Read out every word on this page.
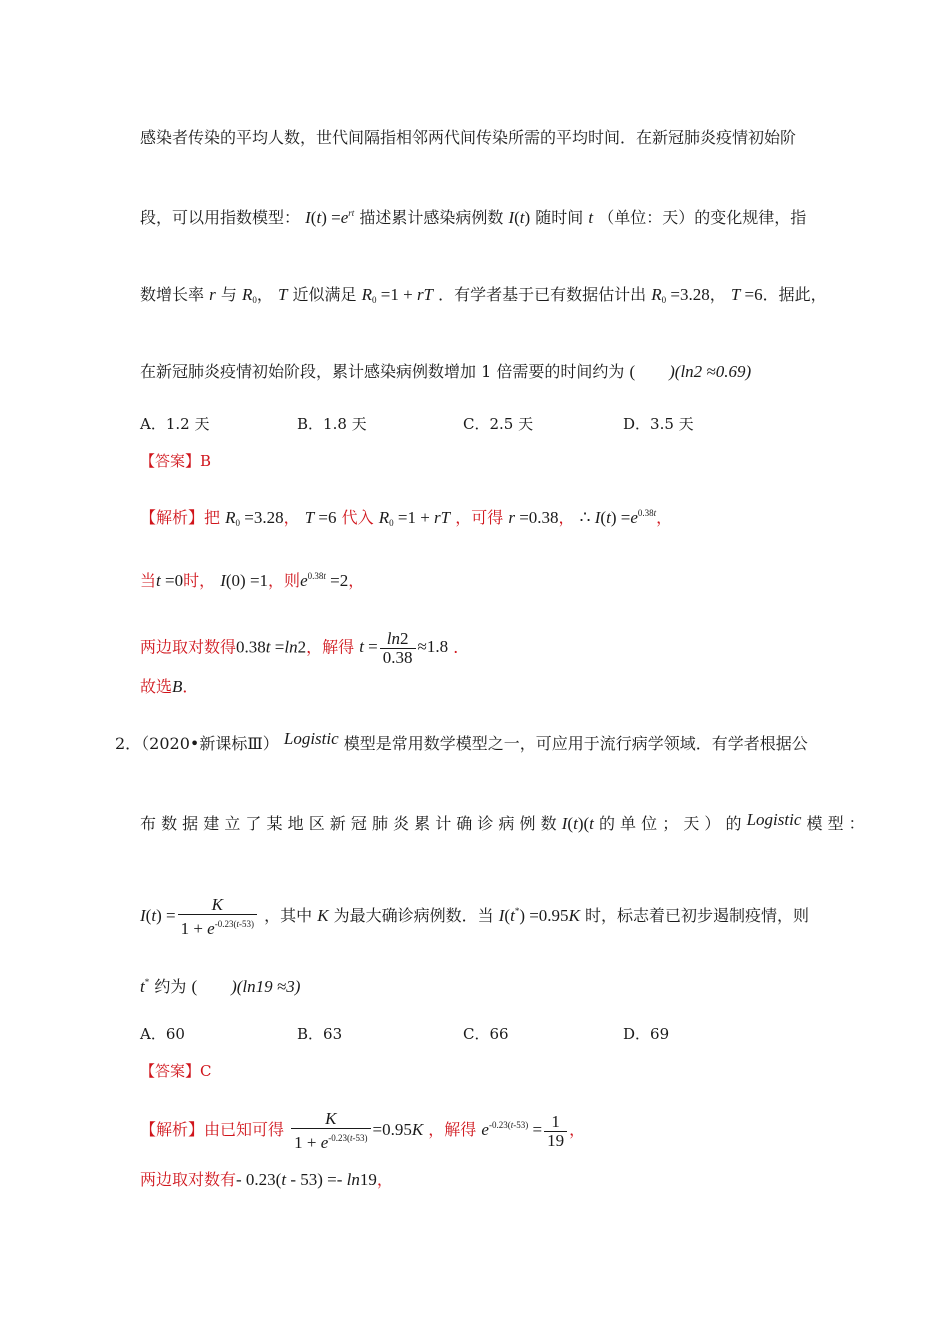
感染者传染的平均人数，世代间隔指相邻两代间传染所需的平均时间．在新冠肺炎疫情初始阶
段，可以用指数模型： $I(t) =e^{rt}$ 描述累计感染病例数 I(t) 随时间 t （单位：天）的变化规律，指
数增长率 r 与 $R_0$， T 近似满足 $R_0 =1$ + rT ．有学者基于已有数据估计出 $R_0 =3.28$， T =6．据此，
在新冠肺炎疫情初始阶段，累计感染病例数增加 1 倍需要的时间约为 (        )(ln2 ≈0.69)
A．1.2 天	B．1.8 天	C．2.5 天	D．3.5 天
【答案】B
【解析】把 $R_0 =3.28$， T =6 代入 $R_0 =1$ + rT ，可得 r =0.38， ∴ $I(t) =e^{0.38t}$，
当t =0时， I(0) =1，则$e^{0.38t} =2$，
两边取对数得0.38t =ln2，解得 $t = \frac{\ln 2}{0.38} \approx 1.8$ ．
故选B．
2．（2020•新课标Ⅲ） Logistic 模型是常用数学模型之一，可应用于流行病学领域．有学者根据公
布 数 据 建 立 了 某 地 区 新 冠 肺 炎 累 计 确 诊 病 例 数 I(t)(t 的 单 位 ； 天 ） 的 Logistic 模 型 ：
$I(t) = \frac{K}{1 + e^{-0.23(t-53)}}$ ，其中 K 为最大确诊病例数．当 I(t*) =0.95K 时，标志着已初步遏制疫情，则
t* 约为 (        )(ln19 ≈3)
A．60	B．63	C．66	D．69
【答案】C
【解析】由已知可得 $\frac{K}{1 + e^{-0.23(t-53)}} =0.95K$ ，解得 $e^{-0.23(t-53)} = \frac{1}{19}$ ，
两边取对数有- 0.23(t - 53) =- ln19，
